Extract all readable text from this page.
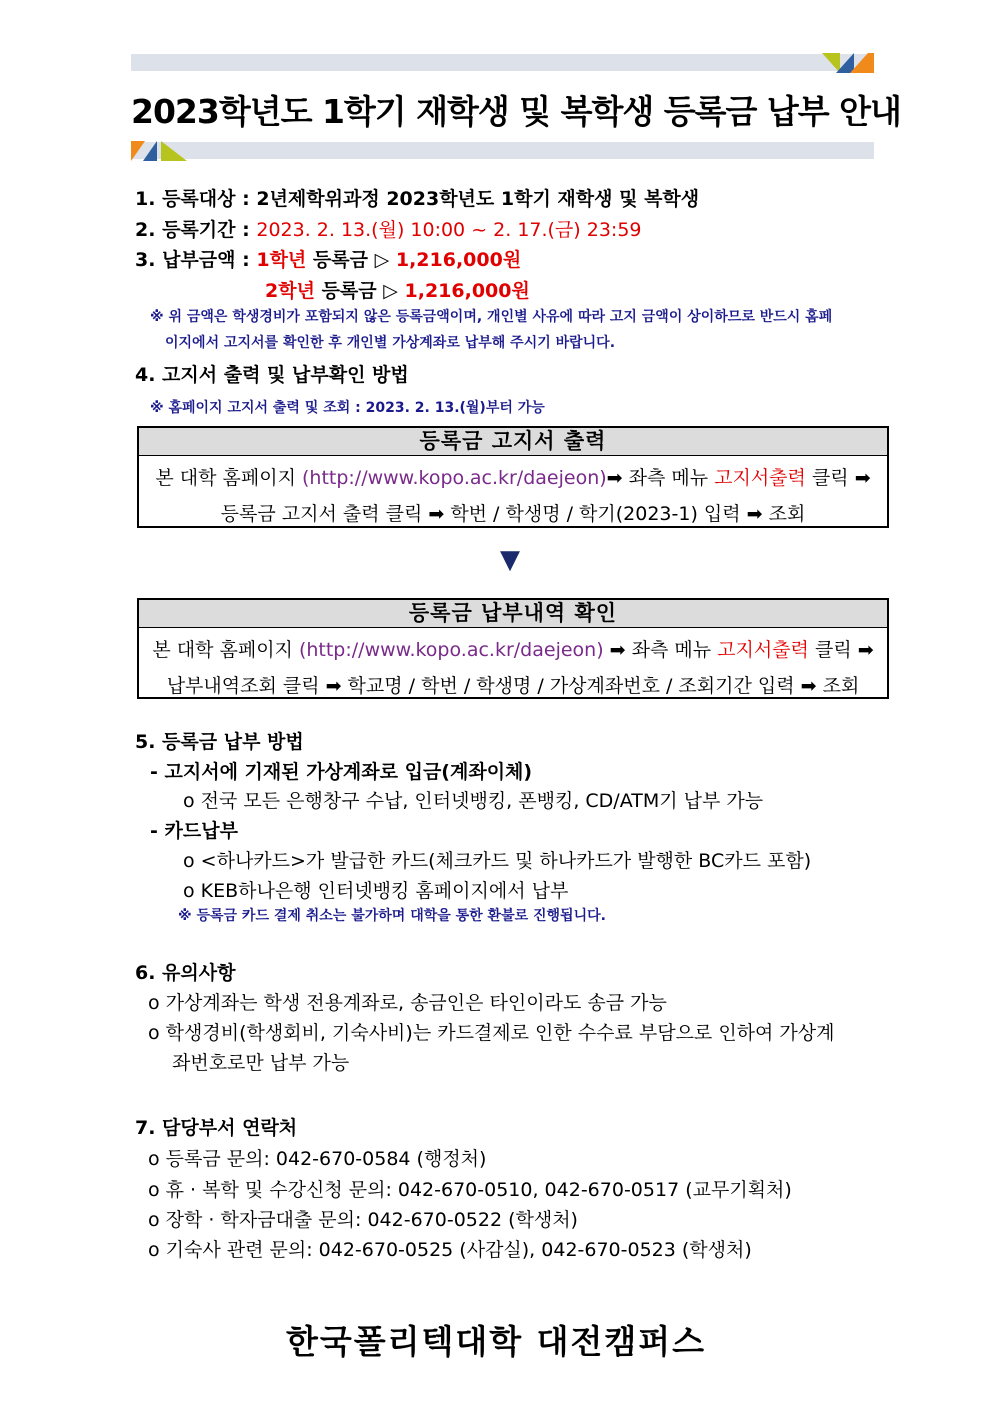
2023학년도 1학기 재학생 및 복학생 등록금 납부 안내
1. 등록대상 : 2년제학위과정 2023학년도 1학기 재학생 및 복학생
2. 등록기간 : 2023. 2. 13.(월) 10:00 ~ 2. 17.(금) 23:59
3. 납부금액 : 1학년 등록금 ▷ 1,216,000원
2학년 등록금 ▷ 1,216,000원
※ 위 금액은 학생경비가 포함되지 않은 등록금액이며, 개인별 사유에 따라 고지 금액이 상이하므로 반드시 홈페
이지에서 고지서를 확인한 후 개인별 가상계좌로 납부해 주시기 바랍니다.
4. 고지서 출력 및 납부확인 방법
※ 홈페이지 고지서 출력 및 조회 : 2023. 2. 13.(월)부터 가능
등록금 고지서 출력
본 대학 홈페이지 (http://www.kopo.ac.kr/daejeon)➡ 좌측 메뉴 고지서출력 클릭 ➡
등록금 고지서 출력 클릭 ➡ 학번 / 학생명 / 학기(2023-1) 입력 ➡ 조회
▼
등록금 납부내역 확인
본 대학 홈페이지 (http://www.kopo.ac.kr/daejeon) ➡ 좌측 메뉴 고지서출력 클릭 ➡
납부내역조회 클릭 ➡ 학교명 / 학번 / 학생명 / 가상계좌번호 / 조회기간 입력 ➡ 조회
5. 등록금 납부 방법
- 고지서에 기재된 가상계좌로 입금(계좌이체)
o 전국 모든 은행창구 수납, 인터넷뱅킹, 폰뱅킹, CD/ATM기 납부 가능
- 카드납부
o <하나카드>가 발급한 카드(체크카드 및 하나카드가 발행한 BC카드 포함)
o KEB하나은행 인터넷뱅킹 홈페이지에서 납부
※ 등록금 카드 결제 취소는 불가하며 대학을 통한 환불로 진행됩니다.
6. 유의사항
o 가상계좌는 학생 전용계좌로, 송금인은 타인이라도 송금 가능
o 학생경비(학생회비, 기숙사비)는 카드결제로 인한 수수료 부담으로 인하여 가상계
좌번호로만 납부 가능
7. 담당부서 연락처
o 등록금 문의: 042-670-0584 (행정처)
o 휴 · 복학 및 수강신청 문의: 042-670-0510, 042-670-0517 (교무기획처)
o 장학 · 학자금대출 문의: 042-670-0522 (학생처)
o 기숙사 관련 문의: 042-670-0525 (사감실), 042-670-0523 (학생처)
한국폴리텍대학 대전캠퍼스
